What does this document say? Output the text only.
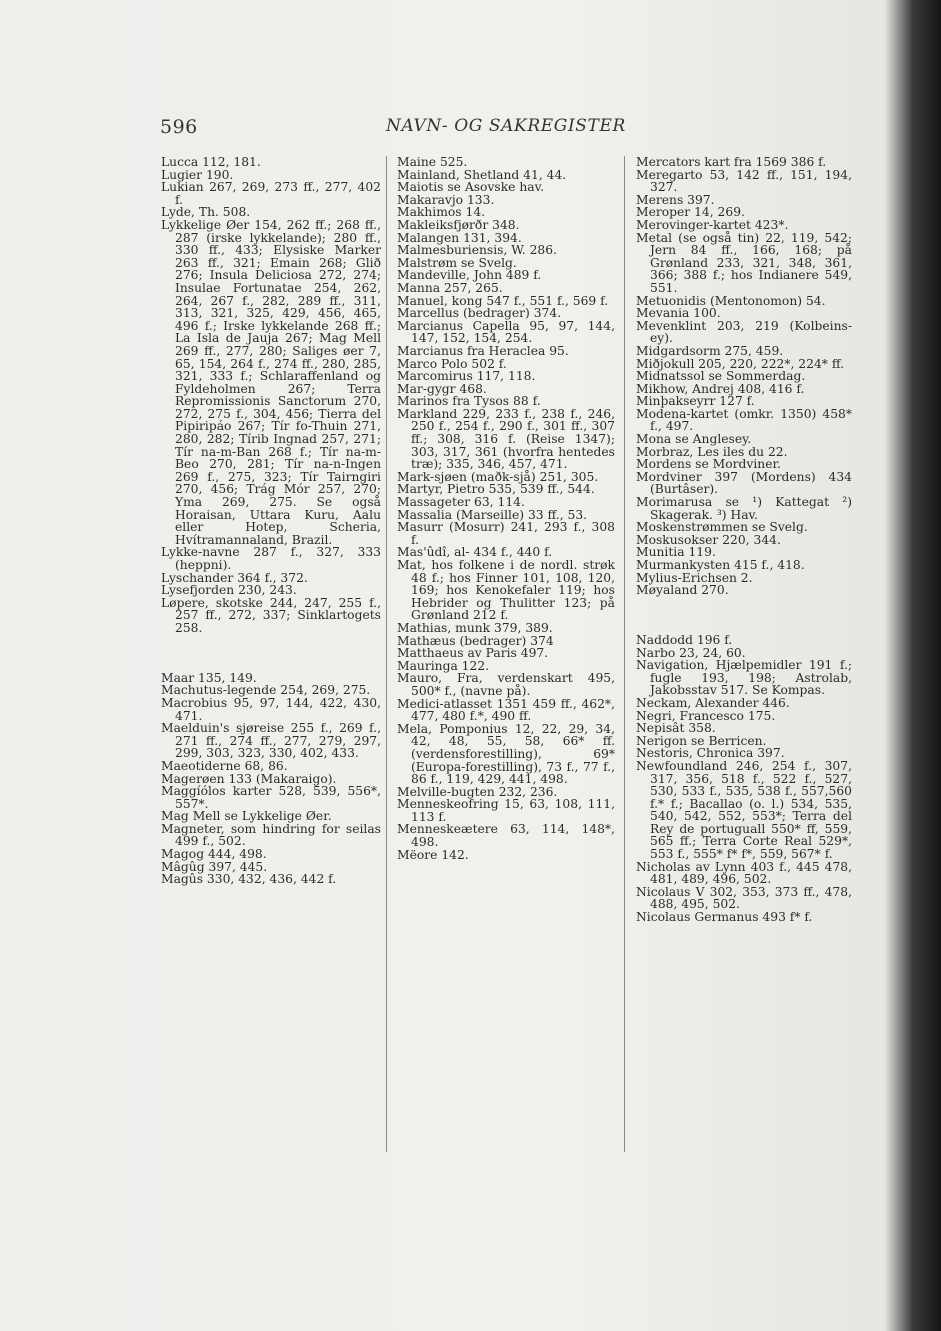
596	NAVN- OG SAKREGISTER

Lucca 112, 181.

Lugier 190.

Lukian 267, 269, 273 ff., 277, 402 f.

Lyde, Th. 508.

Lykkelige Øer 154, 262 ff.; 268 ff., 287 (irske lykkelande); 280 ff., 330 ff., 433; Elysiske Marker 263 ff., 321; Emain 268; Glið 276; Insula Deliciosa 272, 274; Insulae Fortunatae 254, 262, 264, 267 f., 282, 289 ff., 311, 313, 321, 325, 429, 456, 465, 496 f.; Irske lykkelande 268 ff.; La Isla de Jauja 267; Mag Mell 269 ff., 277, 280; Saliges øer 7, 65, 154, 264 f., 274 ff., 280, 285, 321, 333 f.; Schlaraffenland og Fyldeholmen 267; Terra Repromissionis Sanctorum 270, 272, 275 f., 304, 456; Tierra del Pipiripáo 267; Tír fo-Thuin 271, 280, 282; Tírib Ingnad 257, 271; Tír na-m-Ban 268 f.; Tír na-m-Beo 270, 281; Tír na-n-Ingen 269 f., 275, 323; Tír Tairngiri 270, 456; Trág Mór 257, 270; Yma 269, 275. Se også Horaisan, Uttara Kuru, Aalu eller Hotep, Scheria, Hvítramannaland, Brazil.

Lykke-navne 287 f., 327, 333 (heppni).

Lyschander 364 f., 372.

Lysefjorden 230, 243.

Løpere, skotske 244, 247, 255 f., 257 ff., 272, 337; Sinklartogets 258.

Maar 135, 149.

Machutus-legende 254, 269, 275.

Macrobius 95, 97, 144, 422, 430, 471.

Maelduin's sjøreise 255 f., 269 f., 271 ff., 274 ff., 277, 279, 297, 299, 303, 323, 330, 402, 433.

Maeotiderne 68, 86.

Magerøen 133 (Makaraigo).

Maggíólos karter 528, 539, 556*, 557*.

Mag Mell se Lykkelige Øer.

Magneter, som hindring for seilas 499 f., 502.

Magog 444, 498.

Mâgûg 397, 445.

Magûs 330, 432, 436, 442 f.

Maine 525.

Mainland, Shetland 41, 44.

Maiotis se Asovske hav.

Makaravjo 133.

Makhimos 14.

Makleiksfjørðr 348.

Malangen 131, 394.

Malmesburiensis, W. 286.

Malstrøm se Svelg.

Mandeville, John 489 f.

Manna 257, 265.

Manuel, kong 547 f., 551 f., 569 f.

Marcellus (bedrager) 374.

Marcianus Capella 95, 97, 144, 147, 152, 154, 254.

Marcianus fra Heraclea 95.

Marco Polo 502 f.

Marcomirus 117, 118.

Mar-gygr 468.

Marinos fra Tysos 88 f.

Markland 229, 233 f., 238 f., 246, 250 f., 254 f., 290 f., 301 ff., 307 ff.; 308, 316 f. (Reise 1347); 303, 317, 361 (hvorfra hentedes træ); 335, 346, 457, 471.

Mark-sjøen (maðk-sjå) 251, 305.

Martyr, Pietro 535, 539 ff., 544.

Massageter 63, 114.

Massalia (Marseille) 33 ff., 53.

Masurr (Mosurr) 241, 293 f., 308 f.

Mas'ûdî, al- 434 f., 440 f.

Mat, hos folkene i de nordl. strøk 48 f.; hos Finner 101, 108, 120, 169; hos Kenokefaler 119; hos Hebrider og Thulitter 123; på Grønland 212 f.

Mathias, munk 379, 389.

Mathæus (bedrager) 374

Matthaeus av Paris 497.

Mauringa 122.

Mauro, Fra, verdenskart 495, 500* f., (navne på).

Medici-atlasset 1351 459 ff., 462*, 477, 480 f.*, 490 ff.

Mela, Pomponius 12, 22, 29, 34, 42, 48, 55, 58, 66* ff. (verdensforestilling), 69* (Europa-forestilling), 73 f., 77 f., 86 f., 119, 429, 441, 498.

Melville-bugten 232, 236.

Menneskeofring 15, 63, 108, 111, 113 f.

Menneskeætere 63, 114, 148*, 498.

Mëore 142.

Mercators kart fra 1569 386 f.

Meregarto 53, 142 ff., 151, 194, 327.

Merens 397.

Meroper 14, 269.

Merovinger-kartet 423*.

Metal (se også tin) 22, 119, 542; Jern 84 ff., 166, 168; på Grønland 233, 321, 348, 361, 366; 388 f.; hos Indianere 549, 551.

Metuonidis (Mentonomon) 54.

Mevania 100.

Mevenklint 203, 219 (Kolbeins-ey).

Midgardsorm 275, 459.

Miðjokull 205, 220, 222*, 224* ff.

Midnatssol se Sommerdag.

Mikhow, Andrej 408, 416 f.

Minþakseyrr 127 f.

Modena-kartet (omkr. 1350) 458* f., 497.

Mona se Anglesey.

Morbraz, Les iles du 22.

Mordens se Mordviner.

Mordviner 397 (Mordens) 434 (Burtâser).

Morimarusa se ¹) Kattegat ²) Skagerak. ³) Hav.

Moskenstrømmen se Svelg.

Moskusokser 220, 344.

Munitia 119.

Murmankysten 415 f., 418.

Mylius-Erichsen 2.

Møyaland 270.

Naddodd 196 f.

Narbo 23, 24, 60.

Navigation, Hjælpemidler 191 f.; fugle 193, 198; Astrolab, Jakobsstav 517. Se Kompas.

Neckam, Alexander 446.

Negri, Francesco 175.

Nepisât 358.

Nerigon se Berricen.

Nestoris, Chronica 397.

Newfoundland 246, 254 f., 307, 317, 356, 518 f., 522 f., 527, 530, 533 f., 535, 538 f., 557,560 f.* f.; Bacallao (o. l.) 534, 535, 540, 542, 552, 553*; Terra del Rey de portuguall 550* ff, 559, 565 ff.; Terra Corte Real 529*, 553 f., 555* f* f*, 559, 567* f.

Nicholas av Lynn 403 f., 445 478, 481, 489, 496, 502.

Nicolaus V 302, 353, 373 ff., 478, 488, 495, 502.

Nicolaus Germanus 493 f* f.
